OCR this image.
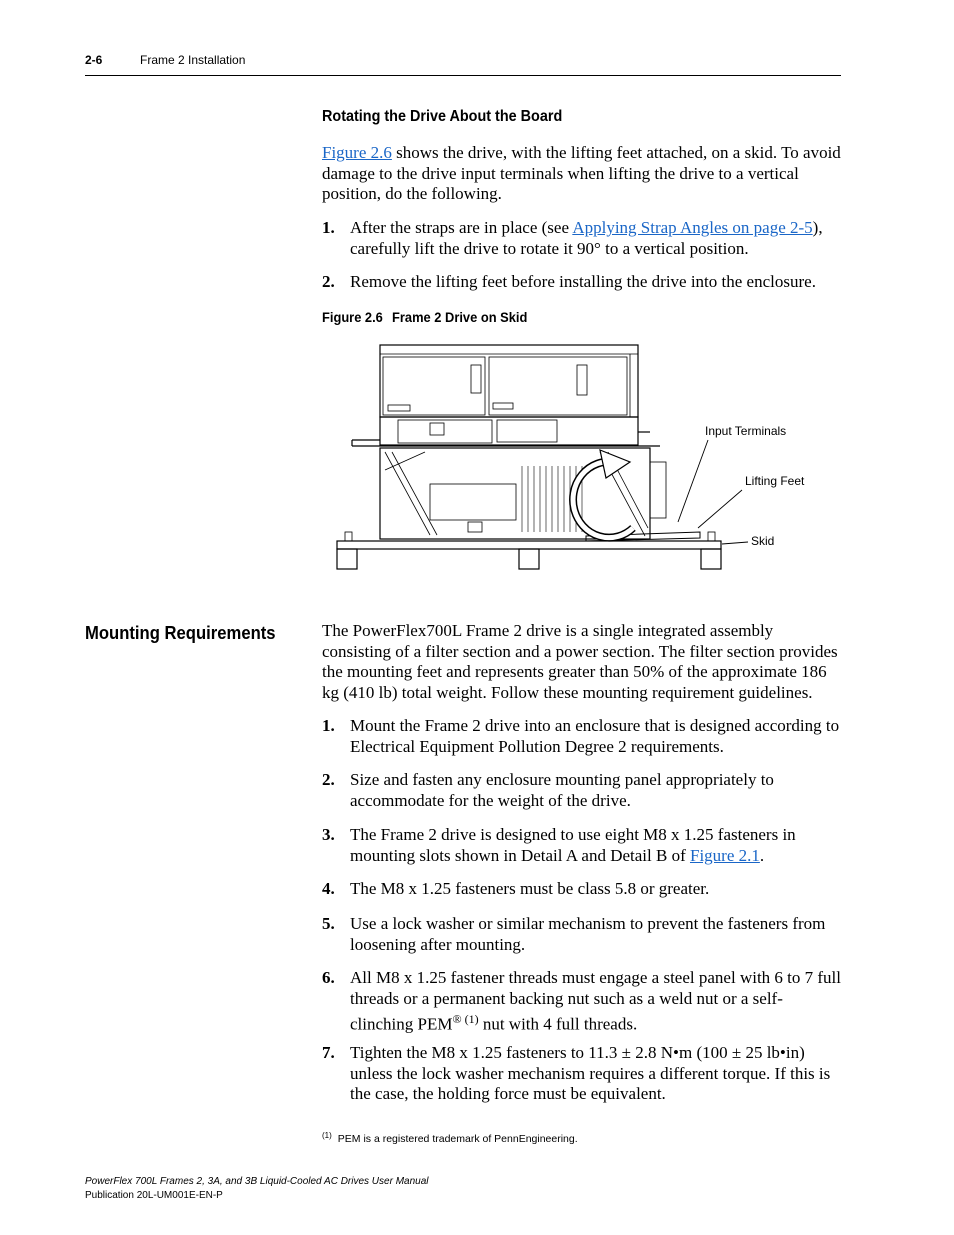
2-6	Frame 2 Installation
Rotating the Drive About the Board
Figure 2.6 shows the drive, with the lifting feet attached, on a skid. To avoid damage to the drive input terminals when lifting the drive to a vertical position, do the following.
1. After the straps are in place (see Applying Strap Angles on page 2-5), carefully lift the drive to rotate it 90° to a vertical position.
2. Remove the lifting feet before installing the drive into the enclosure.
Figure 2.6 Frame 2 Drive on Skid
Input Terminals
Lifting Feet
Skid
Mounting Requirements	The PowerFlex700L Frame 2 drive is a single integrated assembly consisting of a filter section and a power section. The filter section provides the mounting feet and represents greater than 50% of the approximate 186 kg (410 lb) total weight. Follow these mounting requirement guidelines.
1. Mount the Frame 2 drive into an enclosure that is designed according to Electrical Equipment Pollution Degree 2 requirements.
2. Size and fasten any enclosure mounting panel appropriately to accommodate for the weight of the drive.
3. The Frame 2 drive is designed to use eight M8 x 1.25 fasteners in mounting slots shown in Detail A and Detail B of Figure 2.1.
4. The M8 x 1.25 fasteners must be class 5.8 or greater.
5. Use a lock washer or similar mechanism to prevent the fasteners from loosening after mounting.
6. All M8 x 1.25 fastener threads must engage a steel panel with 6 to 7 full threads or a permanent backing nut such as a weld nut or a self-clinching $PEM^{® (1)}$ nut with 4 full threads.
7. Tighten the M8 x 1.25 fasteners to 11.3 ± 2.8 N•m (100 ± 25 lb•in) unless the lock washer mechanism requires a different torque. If this is the case, the holding force must be equivalent.
$^{(1)}$ PEM is a registered trademark of PennEngineering.
PowerFlex 700L Frames 2, 3A, and 3B Liquid-Cooled AC Drives User Manual
Publication 20L-UM001E-EN-P
